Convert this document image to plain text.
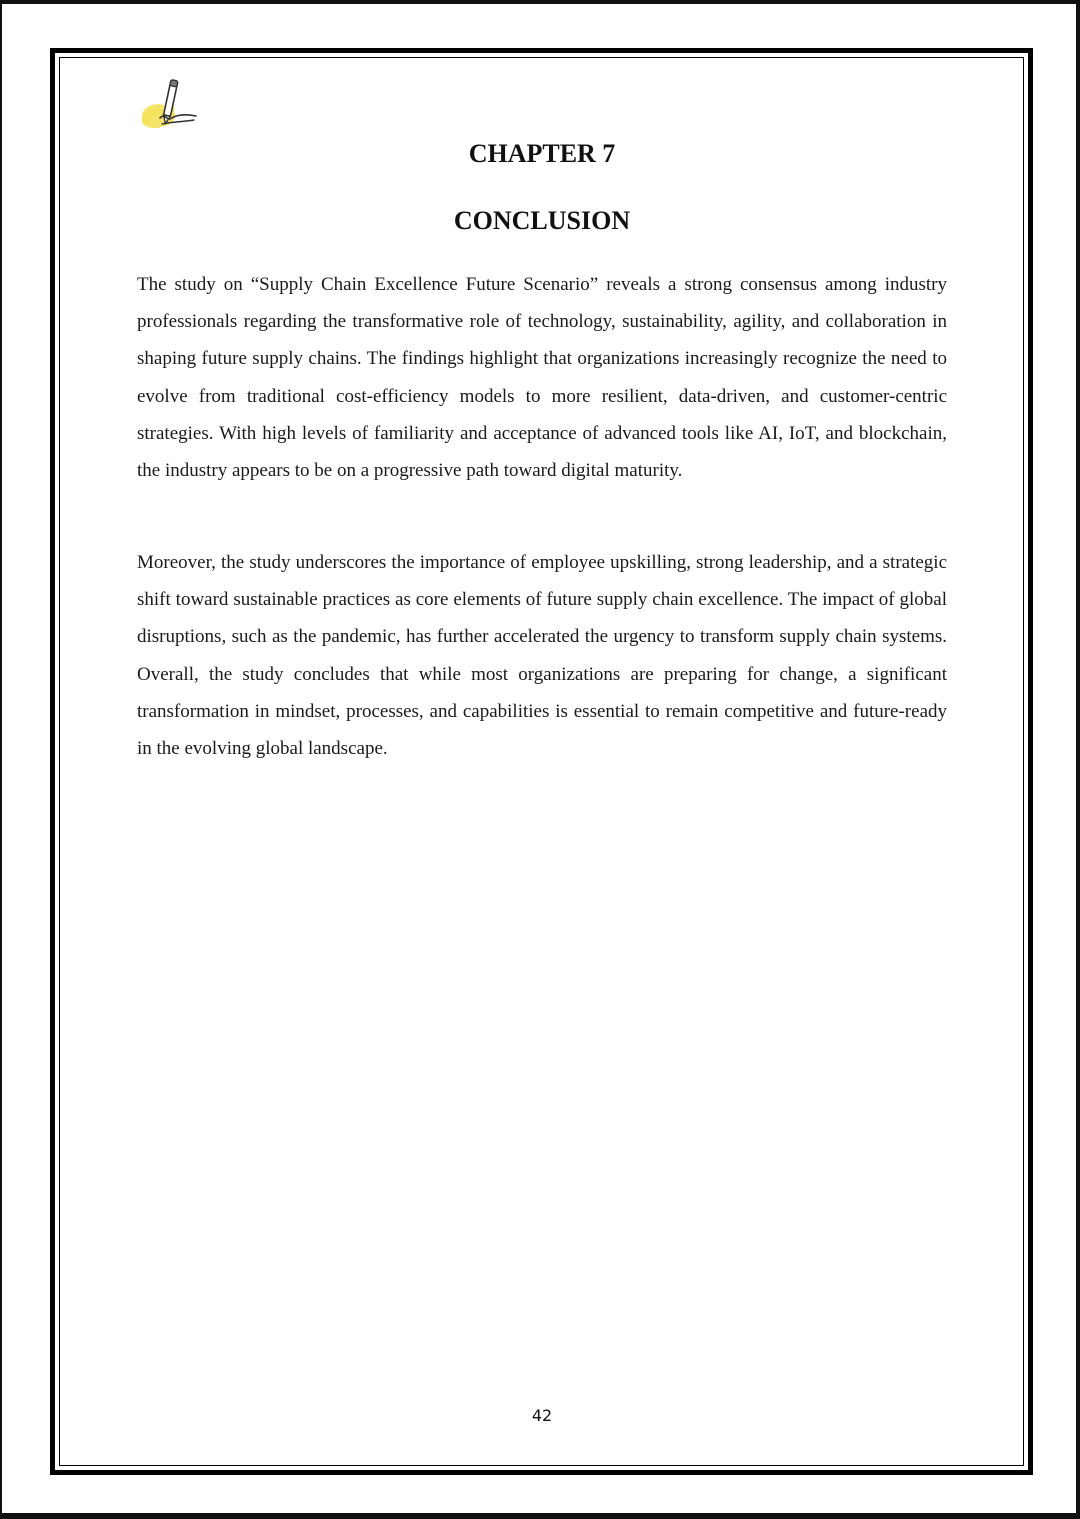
CHAPTER 7
CONCLUSION

The study on “Supply Chain Excellence Future Scenario” reveals a strong consensus among industry professionals regarding the transformative role of technology, sustainability, agility, and collaboration in shaping future supply chains. The findings highlight that organizations increasingly recognize the need to evolve from traditional cost-efficiency models to more resilient, data-driven, and customer-centric strategies. With high levels of familiarity and acceptance of advanced tools like AI, IoT, and blockchain, the industry appears to be on a progressive path toward digital maturity.

Moreover, the study underscores the importance of employee upskilling, strong leadership, and a strategic shift toward sustainable practices as core elements of future supply chain excellence. The impact of global disruptions, such as the pandemic, has further accelerated the urgency to transform supply chain systems. Overall, the study concludes that while most organizations are preparing for change, a significant transformation in mindset, processes, and capabilities is essential to remain competitive and future-ready in the evolving global landscape.

42
